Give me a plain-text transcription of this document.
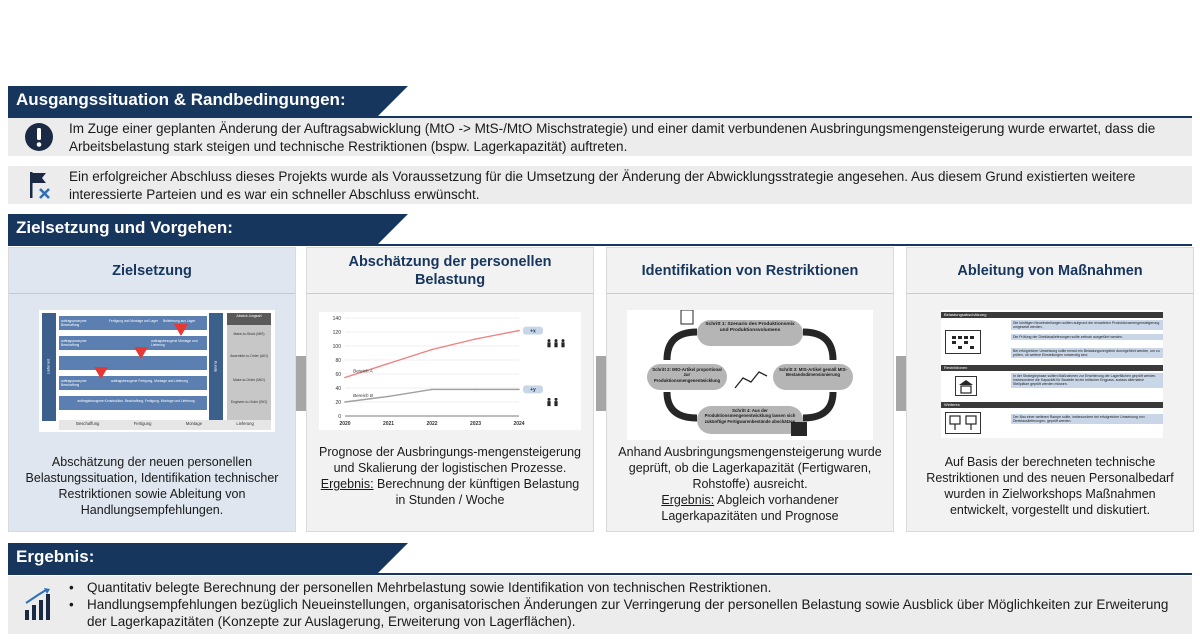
Ausgangssituation & Randbedingungen:
Im Zuge einer geplanten Änderung der Auftragsabwicklung (MtO -> MtS-/MtO Mischstrategie) und einer damit verbundenen Ausbringungsmengensteigerung wurde erwartet, dass die Arbeitsbelastung stark steigen und technische Restriktionen (bspw. Lagerkapazität) auftreten.
Ein erfolgreicher Abschluss dieses Projekts wurde als Voraussetzung für die Umsetzung der Änderung der Abwicklungsstrategie angesehen. Aus diesem Grund existierten weitere interessierte Parteien und es war ein schneller Abschluss erwünscht.
Zielsetzung und Vorgehen:
Zielsetzung
Lieferant	Kunde
Abwick-lungsart
auftragsanonyme Beschaffung
Fertigung und Montage auf Lager	Belieferung aus Lager
Make-to-Stock (MtS)
auftragsanonyme Beschaffung
auftragsbezogene Montage und Lieferung
Assemble-to-Order (AtO)
auftragsanonyme Beschaffung
auftragsbezogene Fertigung, Montage und Lieferung	Make-to-Order (MtO)
auftragsbezogene Konstruktion, Beschaffung, Fertigung, Montage und Lieferung	Engineer-to-Order (EtO)
Beschaffung	Fertigung	Montage	Lieferung
Abschätzung der neuen personellen Belastungssituation, Identifikation technischer Restriktionen sowie Ableitung von Handlungsempfehlungen.
Abschätzung der personellen Belastung
0
20
40
60
80
100
120
140
2020	2021	2022	2023	2024
Bereich A
+x
Bereich B
+y
Prognose der Ausbringungs-mengensteigerung und Skalierung der logistischen Prozesse.
Ergebnis: Berechnung der künftigen Belastung in Stunden / Woche
Identifikation von Restriktionen
Schritt 1: Szenario des Produktionsmix und Produktionsvolumens
Schritt 2: MtO-Artikel proportional zur Produktionsmengenentwicklung
Schritt 3: MtS-Artikel gemäß MtS-Bestandsdimensionierung
Schritt 4: Aus der Produktionsmengenentwicklung lassen sich zukünftige Fertigwarenbestände abschätzen
Anhand Ausbringungsmengensteigerung wurde geprüft, ob die Lagerkapazität (Fertigwaren, Rohstoffe) ausreicht.
Ergebnis: Abgleich vorhandener Lagerkapazitäten und Prognose
Ableitung von Maßnahmen
Belastungsabschätzung
Die künftigen Neueinstellungen sollten aufgrund der erwarteten Produktionsmengensteigerung umgesetzt werden.
Die Prüfung der Direktauslieferungen sollte zeitnah ausgeführt werden.
Bei erfolgreicher Umsetzung sollte erneut ein Belastungsvergleich durchgeführt werden, um zu prüfen, ob weitere Einstellungen notwendig sind.
Restriktionen
In der Strategiephase sollten Maßnahmen zur Erweiterung der Lagerflächen geprüft werden. Insbesondere die Kapazität für Bauteile ist ein kritischer Engpass, sodass alternative Stellplätze geprüft werden müssen.
Weiteres
Der Bau einer weiteren Rampe sollte, insbesondere bei erfolgreicher Umsetzung von Direktauslieferungen, geprüft werden.
Auf Basis der berechneten technische Restriktionen und des neuen Personalbedarf wurden in Zielworkshops Maßnahmen entwickelt, vorgestellt und diskutiert.
Ergebnis:
• Quantitativ belegte Berechnung der personellen Mehrbelastung sowie Identifikation von technischen Restriktionen.
• Handlungsempfehlungen bezüglich Neueinstellungen, organisatorischen Änderungen zur Verringerung der personellen Belastung sowie Ausblick über Möglichkeiten zur Erweiterung der Lagerkapazitäten (Konzepte zur Auslagerung, Erweiterung von Lagerflächen).
